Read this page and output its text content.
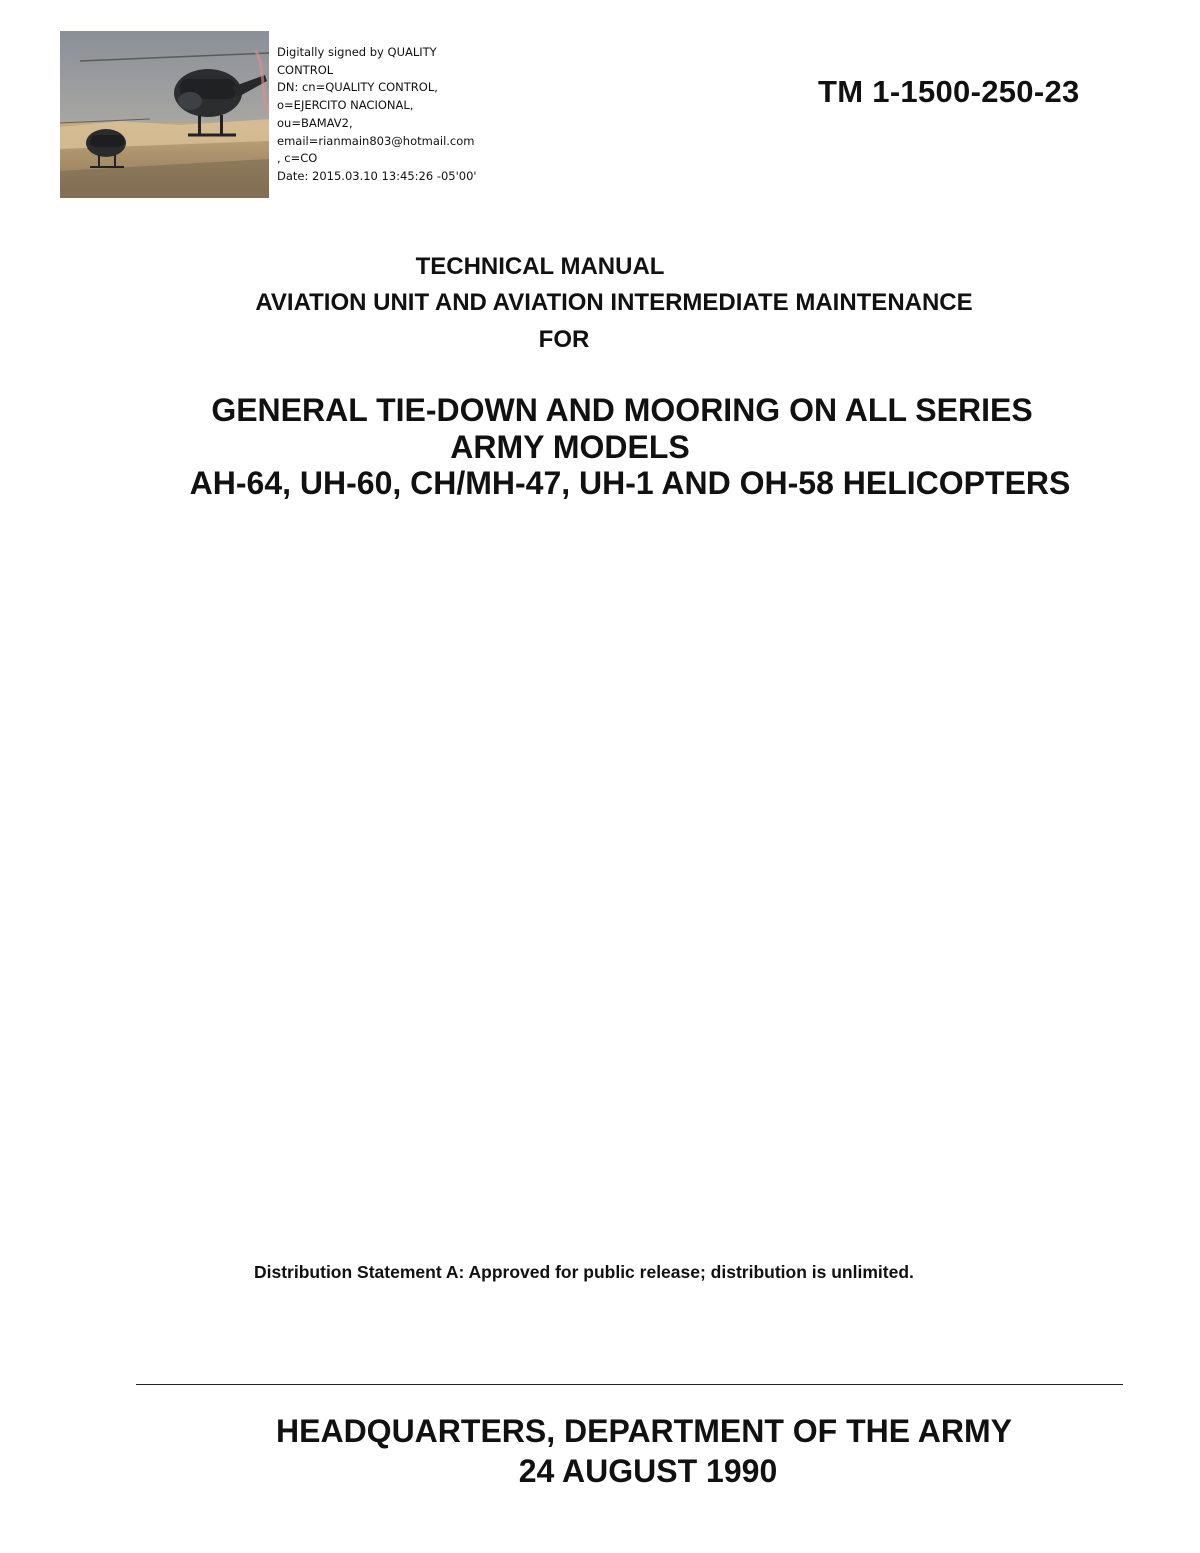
Digitally signed by QUALITY
CONTROL
DN: cn=QUALITY CONTROL,
o=EJERCITO NACIONAL,
ou=BAMAV2,
email=rianmain803@hotmail.com
, c=CO
Date: 2015.03.10 13:45:26 -05'00'
TM 1-1500-250-23
TECHNICAL MANUAL
AVIATION UNIT AND AVIATION INTERMEDIATE MAINTENANCE
FOR
GENERAL TIE-DOWN AND MOORING ON ALL SERIES
ARMY MODELS
AH-64, UH-60, CH/MH-47, UH-1 AND OH-58 HELICOPTERS
Distribution Statement A: Approved for public release; distribution is unlimited.
HEADQUARTERS, DEPARTMENT OF THE ARMY
24 AUGUST 1990
